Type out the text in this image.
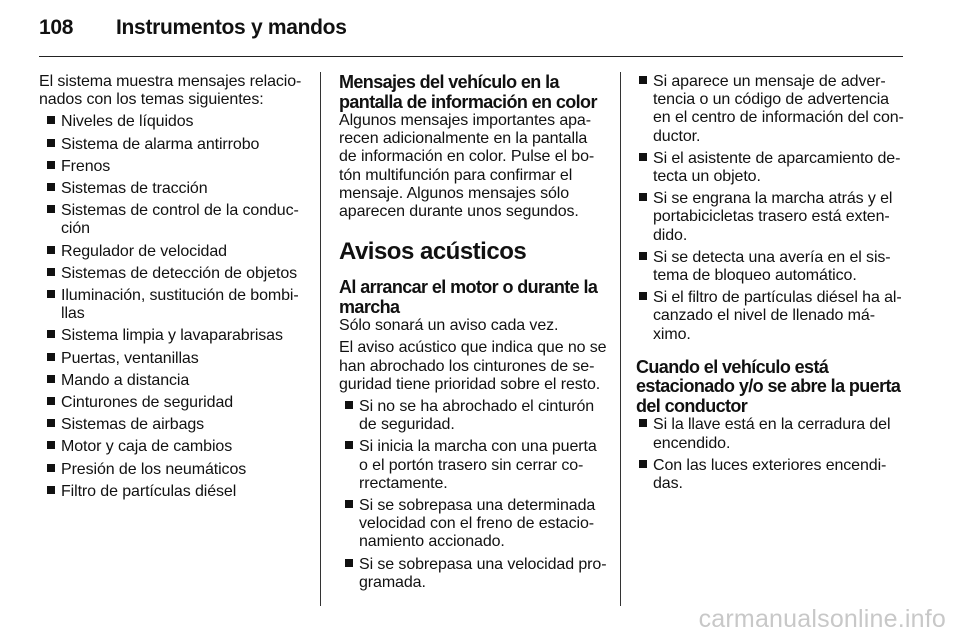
108	Instrumentos y mandos

El sistema muestra mensajes relacio-nados con los temas siguientes:

Niveles de líquidos
Sistema de alarma antirrobo
Frenos
Sistemas de tracción
Sistemas de control de la conduc-ción
Regulador de velocidad
Sistemas de detección de objetos
Iluminación, sustitución de bombi-llas
Sistema limpia y lavaparabrisas
Puertas, ventanillas
Mando a distancia
Cinturones de seguridad
Sistemas de airbags
Motor y caja de cambios
Presión de los neumáticos
Filtro de partículas diésel
Mensajes del vehículo en la pantalla de información en color

Algunos mensajes importantes apa-recen adicionalmente en la pantalla de información en color. Pulse el bo-tón multifunción para confirmar el mensaje. Algunos mensajes sólo aparecen durante unos segundos.

Avisos acústicos
Al arrancar el motor o durante la marcha

Sólo sonará un aviso cada vez.

El aviso acústico que indica que no se han abrochado los cinturones de se-guridad tiene prioridad sobre el resto.

Si no se ha abrochado el cinturón de seguridad.
Si inicia la marcha con una puerta o el portón trasero sin cerrar co-rrectamente.
Si se sobrepasa una determinada velocidad con el freno de estacio-namiento accionado.
Si se sobrepasa una velocidad pro-gramada.
Si aparece un mensaje de adver-tencia o un código de advertencia en el centro de información del con-ductor.
Si el asistente de aparcamiento de-tecta un objeto.
Si se engrana la marcha atrás y el portabicicletas trasero está exten-dido.
Si se detecta una avería en el sis-tema de bloqueo automático.
Si el filtro de partículas diésel ha al-canzado el nivel de llenado má-ximo.
Cuando el vehículo está estacionado y/o se abre la puerta del conductor
Si la llave está en la cerradura del encendido.
Con las luces exteriores encendi-das.
carmanualsonline.info
